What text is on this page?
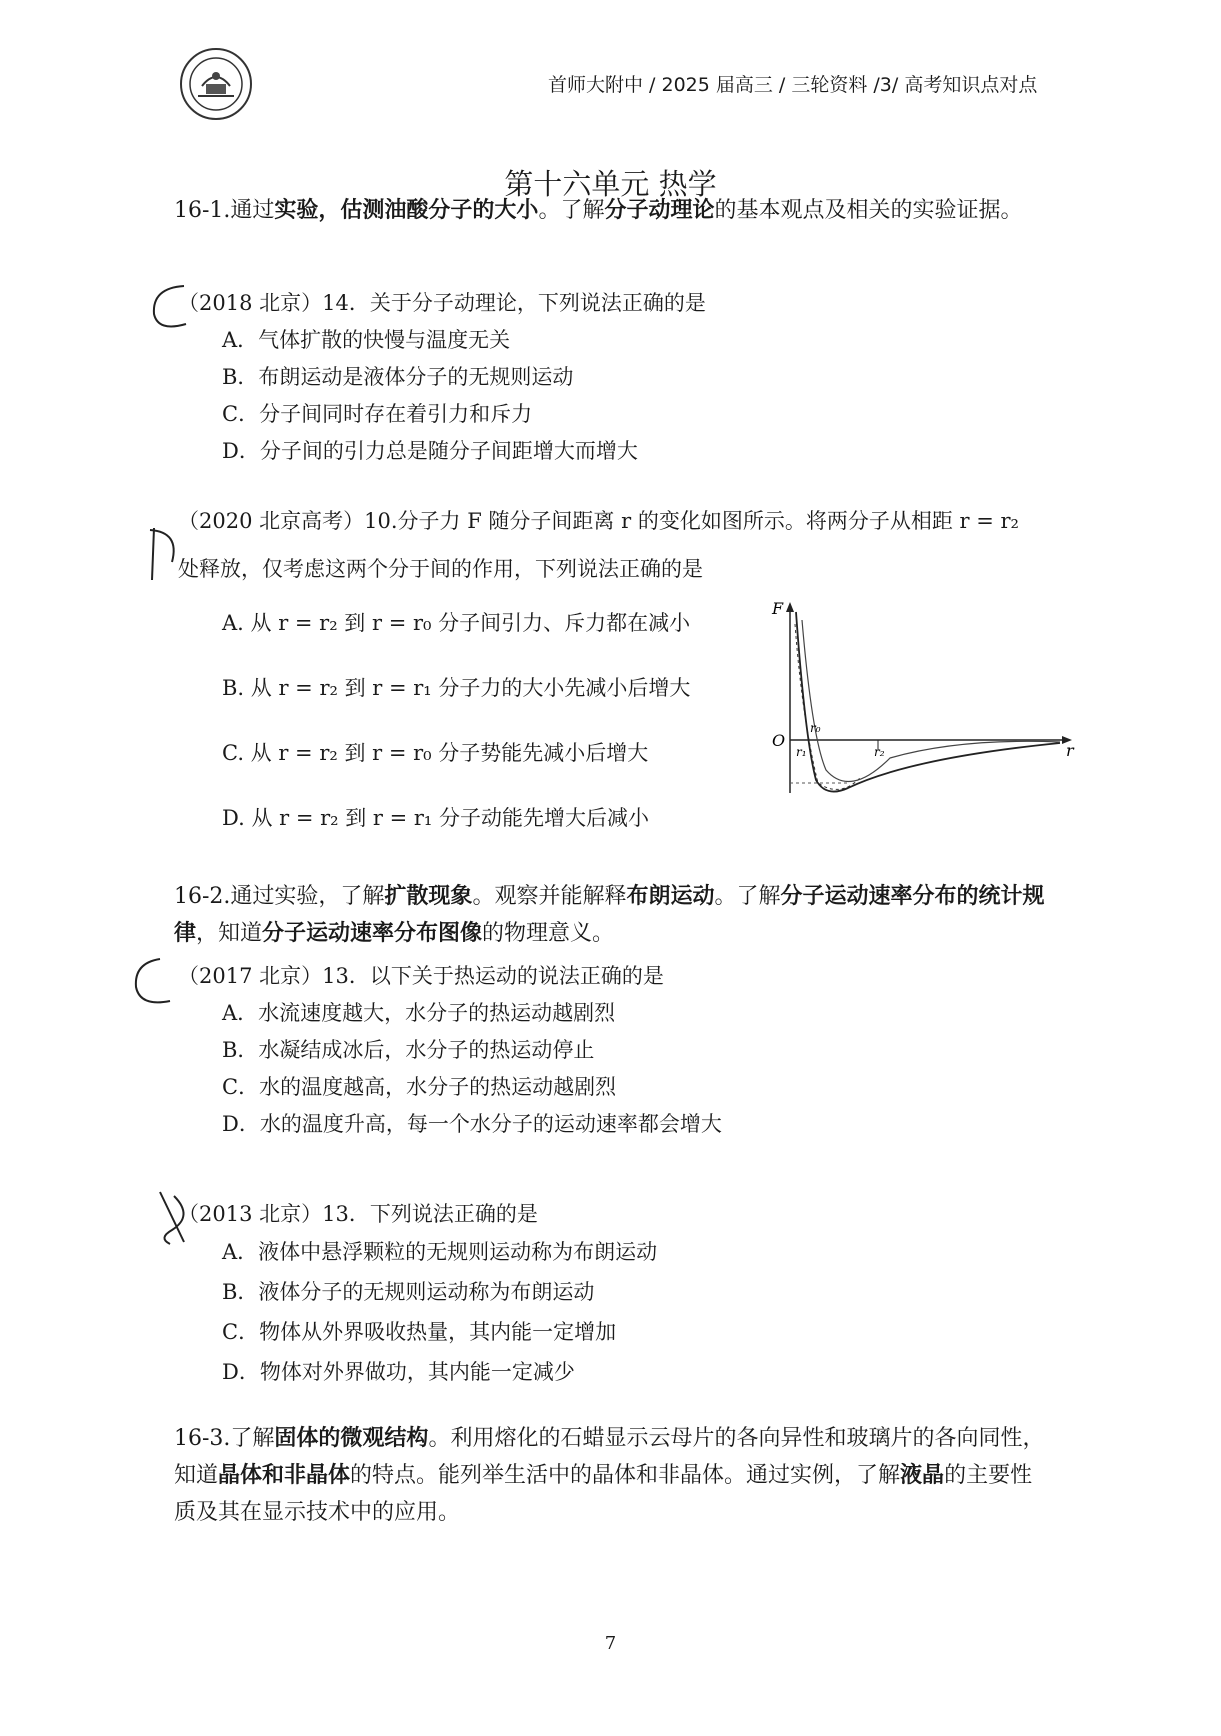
首师大附中 / 2025 届高三 / 三轮资料 /3/ 高考知识点对点
第十六单元 热学
16-1.通过实验，估测油酸分子的大小。了解分子动理论的基本观点及相关的实验证据。
（2018 北京）14．关于分子动理论，下列说法正确的是
A．气体扩散的快慢与温度无关
B．布朗运动是液体分子的无规则运动
C．分子间同时存在着引力和斥力
D．分子间的引力总是随分子间距增大而增大
（2020 北京高考）10.分子力 F 随分子间距离 r 的变化如图所示。将两分子从相距 r = r₂
处释放，仅考虑这两个分于间的作用，下列说法正确的是
A. 从 r = r₂ 到 r = r₀ 分子间引力、斥力都在减小
B. 从 r = r₂ 到 r = r₁ 分子力的大小先减小后增大
C. 从 r = r₂ 到 r = r₀ 分子势能先减小后增大
D. 从 r = r₂ 到 r = r₁ 分子动能先增大后减小
F
O
r
r₀
r₁	r₂
16-2.通过实验，了解扩散现象。观察并能解释布朗运动。了解分子运动速率分布的统计规律，知道分子运动速率分布图像的物理意义。
（2017 北京）13．以下关于热运动的说法正确的是
A．水流速度越大，水分子的热运动越剧烈
B．水凝结成冰后，水分子的热运动停止
C．水的温度越高，水分子的热运动越剧烈
D．水的温度升高，每一个水分子的运动速率都会增大
（2013 北京）13．下列说法正确的是
A．液体中悬浮颗粒的无规则运动称为布朗运动
B．液体分子的无规则运动称为布朗运动
C．物体从外界吸收热量，其内能一定增加
D．物体对外界做功，其内能一定减少
16-3.了解固体的微观结构。利用熔化的石蜡显示云母片的各向异性和玻璃片的各向同性，知道晶体和非晶体的特点。能列举生活中的晶体和非晶体。通过实例，了解液晶的主要性质及其在显示技术中的应用。
7
